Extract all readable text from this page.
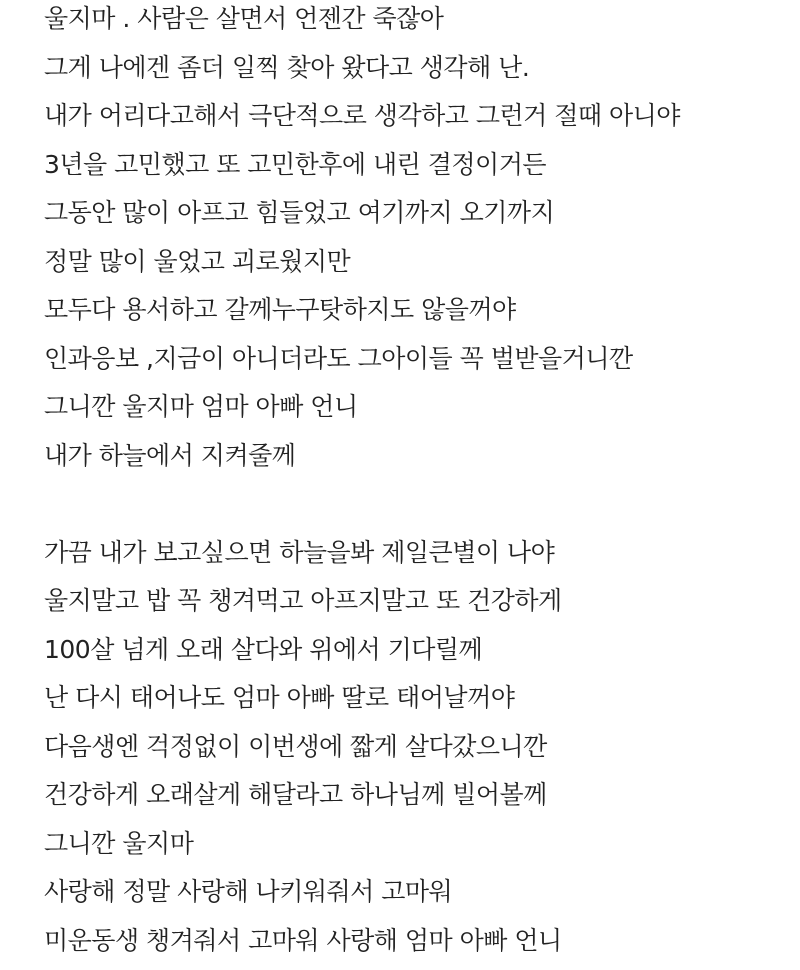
울지마 . 사람은 살면서 언젠간 죽잖아
그게 나에겐 좀더 일찍 찾아 왔다고 생각해 난.
내가 어리다고해서 극단적으로 생각하고 그런거 절때 아니야
3년을 고민했고 또 고민한후에 내린 결정이거든
그동안 많이 아프고 힘들었고 여기까지 오기까지
정말 많이 울었고 괴로웠지만
모두다 용서하고 갈께누구탓하지도 않을꺼야
인과응보 ,지금이 아니더라도 그아이들 꼭 벌받을거니깐
그니깐 울지마 엄마 아빠 언니
내가 하늘에서 지켜줄께
가끔 내가 보고싶으면 하늘을봐 제일큰별이 나야
울지말고 밥 꼭 챙겨먹고 아프지말고 또 건강하게
100살 넘게 오래 살다와 위에서 기다릴께
난 다시 태어나도 엄마 아빠 딸로 태어날꺼야
다음생엔 걱정없이 이번생에 짧게 살다갔으니깐
건강하게 오래살게 해달라고 하나님께 빌어볼께
그니깐 울지마
사랑해 정말 사랑해 나키워줘서 고마워
미운동생 챙겨줘서 고마워 사랑해 엄마 아빠 언니
